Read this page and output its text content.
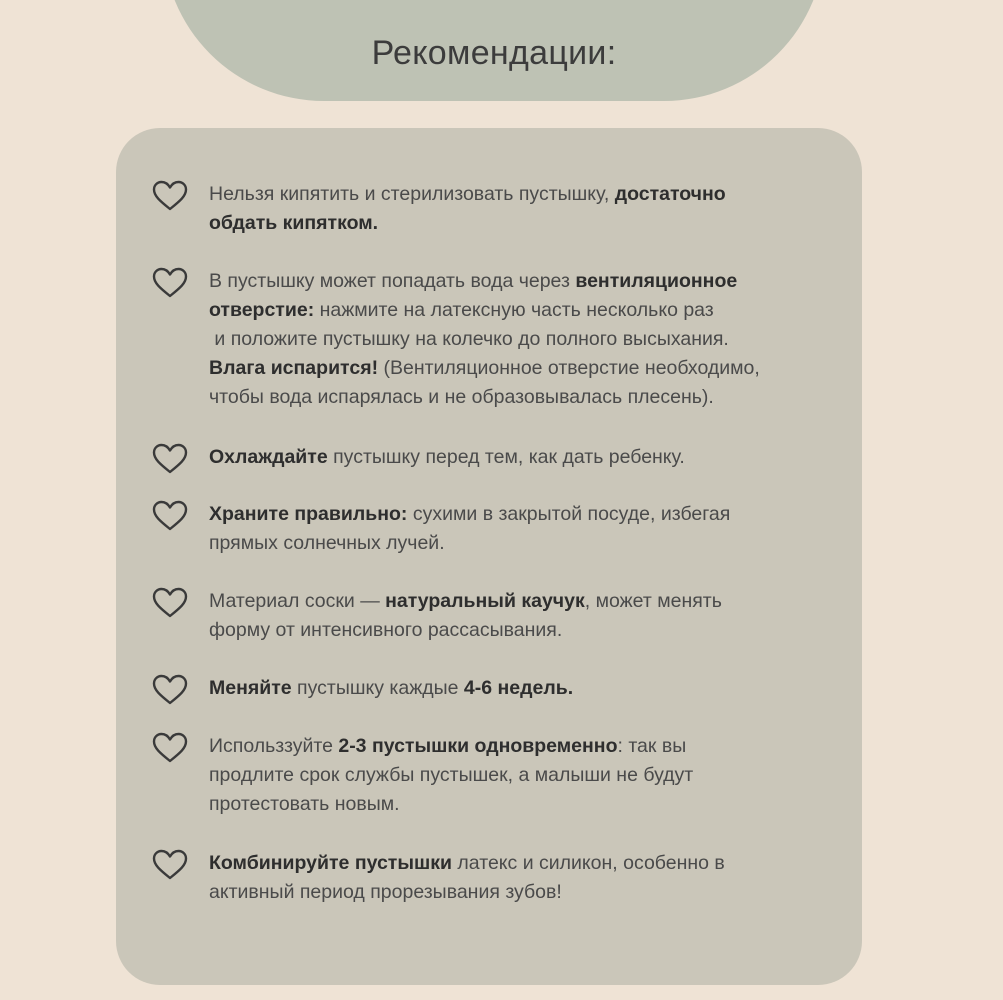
Рекомендации:
Нельзя кипятить и стерилизовать пустышку, достаточно
обдать кипятком.
В пустышку может попадать вода через вентиляционное
отверстие: нажмите на латексную часть несколько раз
и положите пустышку на колечко до полного высыхания.
Влага испарится! (Вентиляционное отверстие необходимо,
чтобы вода испарялась и не образовывалась плесень).
Охлаждайте пустышку перед тем, как дать ребенку.
Храните правильно: сухими в закрытой посуде, избегая
прямых солнечных лучей.
Материал соски — натуральный каучук, может менять
форму от интенсивного рассасывания.
Меняйте пустышку каждые 4-6 недель.
Использзуйте 2-3 пустышки одновременно: так вы
продлите срок службы пустышек, а малыши не будут
протестовать новым.
Комбинируйте пустышки латекс и силикон, особенно в
активный период прорезывания зубов!
